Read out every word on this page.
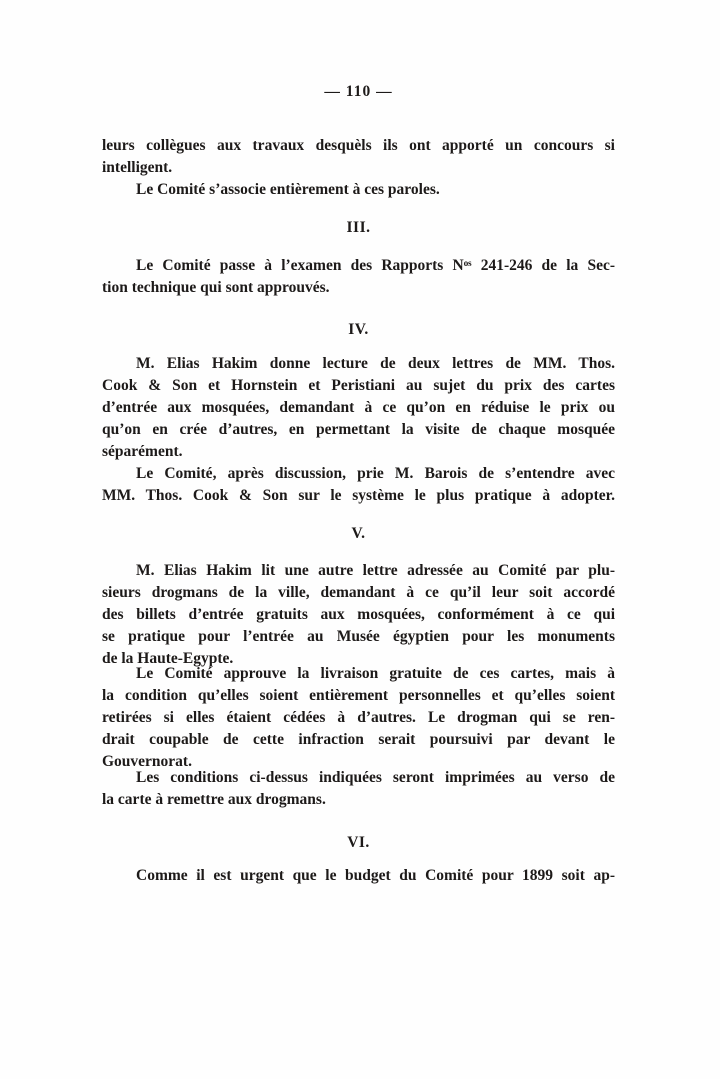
— 110 —
leurs collègues aux travaux desquèls ils ont apporté un concours si
intelligent.
Le Comité s’associe entièrement à ces paroles.
III.
Le Comité passe à l’examen des Rapports Nᵒˢ 241-246 de la Sec-
tion technique qui sont approuvés.
IV.
M. Elias Hakim donne lecture de deux lettres de MM. Thos.
Cook & Son et Hornstein et Peristiani au sujet du prix des cartes
d’entrée aux mosquées, demandant à ce qu’on en réduise le prix ou
qu’on en crée d’autres, en permettant la visite de chaque mosquée
séparément.
Le Comité, après discussion, prie M. Barois de s’entendre avec
MM. Thos. Cook & Son sur le système le plus pratique à adopter.
V.
M. Elias Hakim lit une autre lettre adressée au Comité par plu-
sieurs drogmans de la ville, demandant à ce qu’il leur soit accordé
des billets d’entrée gratuits aux mosquées, conformément à ce qui
se pratique pour l’entrée au Musée égyptien pour les monuments
de la Haute-Egypte.
Le Comité approuve la livraison gratuite de ces cartes, mais à
la condition qu’elles soient entièrement personnelles et qu’elles soient
retirées si elles étaient cédées à d’autres. Le drogman qui se ren-
drait coupable de cette infraction serait poursuivi par devant le
Gouvernorat.
Les conditions ci-dessus indiquées seront imprimées au verso de
la carte à remettre aux drogmans.
VI.
Comme il est urgent que le budget du Comité pour 1899 soit ap-
